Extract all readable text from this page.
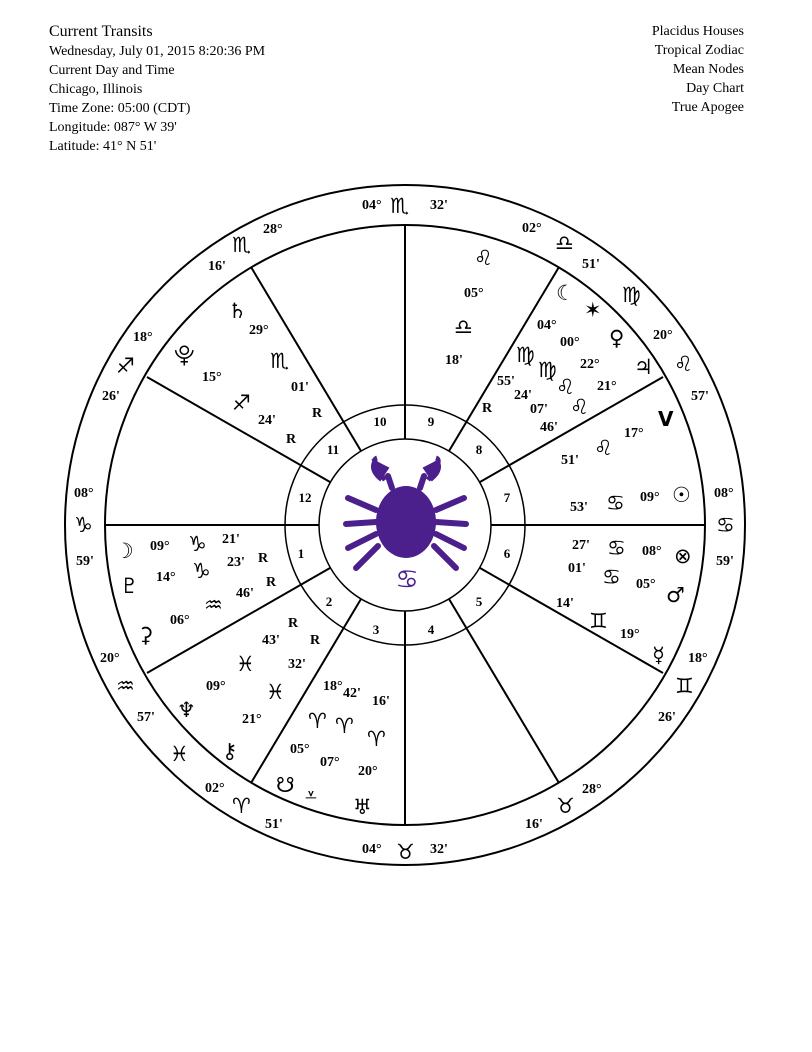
Current Transits
Wednesday, July 01, 2015 8:20:36 PM
Current Day and Time
Chicago, Illinois
Time Zone: 05:00 (CDT)
Longitude: 087° W 39'
Latitude: 41° N 51'
Placidus Houses
Tropical Zodiac
Mean Nodes
Day Chart
True Apogee
1
2
3	4
5
6
7
8
9
10
11
12
♋
04° ♏ 32'
04° ♉ 32'
08°
♑
59'
08°
♋
59'
28°
♏
16'
18°
♐
26'
20°
♒
57'
02°
♈
51'
28°
♉
16'
18°
♊
26'
20°
♌
57'
02°
♎
51'
♌
05°
♎
18'
☾
✶
♍
04°
00° ♀
22° ♃
♍
♍
55'
24' ♌ 21°
07' ♌
R
46'	17°
V
51'
♌
53' ♋ 09° ☉
27' ♋ 08° ⊗
01' ♋ 05° ♂
14'
♊
19°
☿
♄
29°
♏
01'
⯓
15°
♐
24'	R
R
☽ 09° ♑ 21'
14° ♑ 23' R
♇	R
46'
♒
06°
⚳	R
43' R
♓ 32'
09° ♓
♆	21°
⚷
♓
18° 42'
16'
♈ ♈
♈
05°
07°
20°
☋ ⩡ ♅
